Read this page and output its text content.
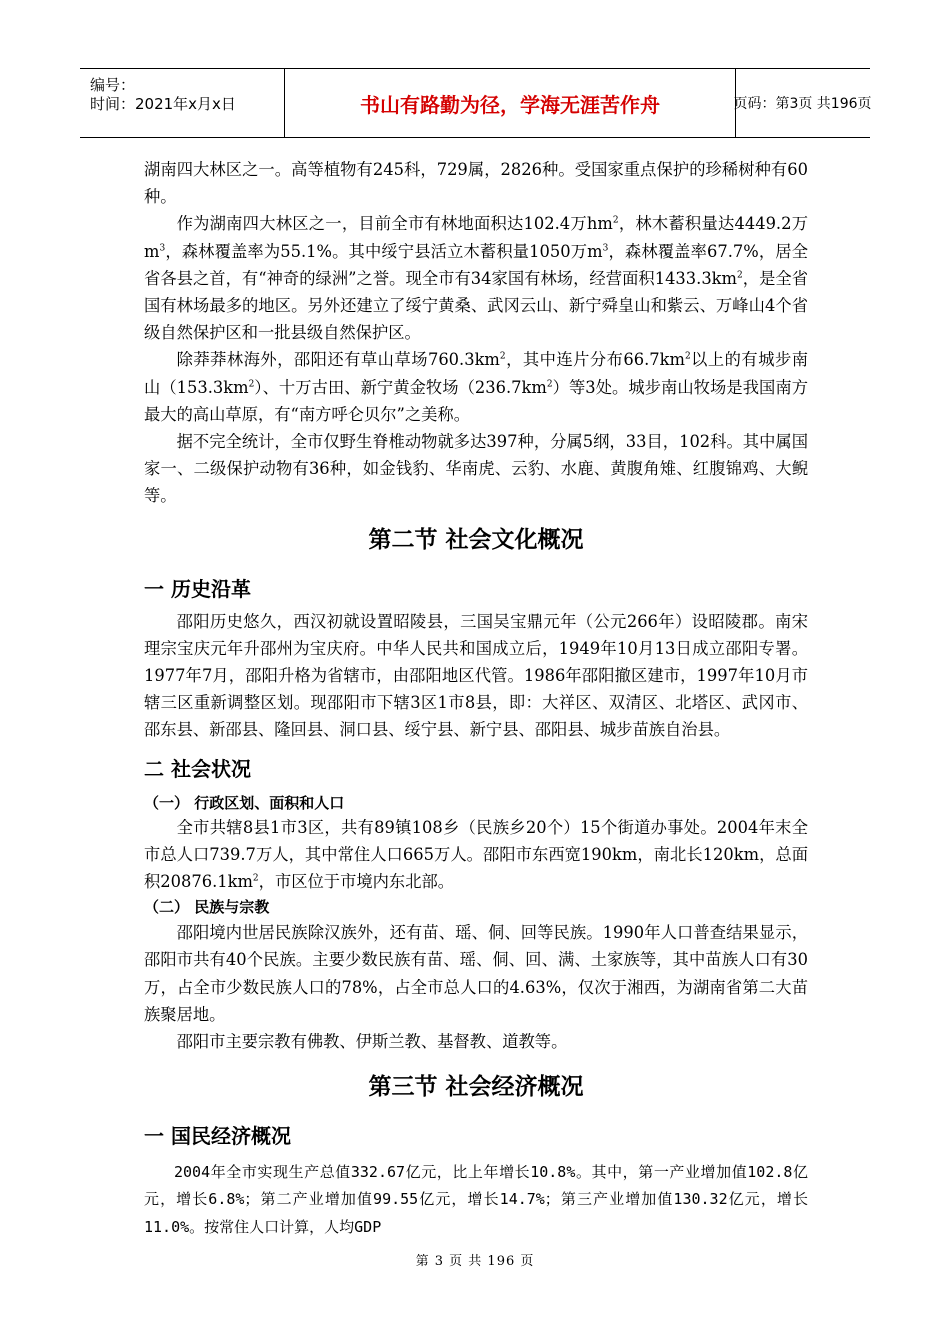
编号：
时间：2021年x月x日	书山有路勤为径，学海无涯苦作舟	页码：第3页 共196页

湖南四大林区之一。高等植物有245科，729属，2826种。受国家重点保护的珍稀树种有60种。

作为湖南四大林区之一，目前全市有林地面积达102.4万$hm^2$，林木蓄积量达4449.2万$m^3$，森林覆盖率为55.1%。其中绥宁县活立木蓄积量1050万$m^3$，森林覆盖率67.7%，居全省各县之首，有“神奇的绿洲”之誉。现全市有34家国有林场，经营面积$1433.3km^2$，是全省国有林场最多的地区。另外还建立了绥宁黄桑、武冈云山、新宁舜皇山和紫云、万峰山4个省级自然保护区和一批县级自然保护区。

除莽莽林海外，邵阳还有草山草场$760.3km^2$，其中连片分布$66.7km^2$以上的有城步南山$(153.3km^2)$、十万古田、新宁黄金牧场$(236.7km^2)$等3处。城步南山牧场是我国南方最大的高山草原，有“南方呼仑贝尔”之美称。

据不完全统计，全市仅野生脊椎动物就多达397种，分属5纲，33目，102科。其中属国家一、二级保护动物有36种，如金钱豹、华南虎、云豹、水鹿、黄腹角雉、红腹锦鸡、大鲵等。

第二节 社会文化概况

一 历史沿革

邵阳历史悠久，西汉初就设置昭陵县，三国吴宝鼎元年（公元266年）设昭陵郡。南宋理宗宝庆元年升邵州为宝庆府。中华人民共和国成立后，1949年10月13日成立邵阳专署。1977年7月，邵阳升格为省辖市，由邵阳地区代管。1986年邵阳撤区建市，1997年10月市辖三区重新调整区划。现邵阳市下辖3区1市8县，即：大祥区、双清区、北塔区、武冈市、邵东县、新邵县、隆回县、洞口县、绥宁县、新宁县、邵阳县、城步苗族自治县。

二 社会状况

（一） 行政区划、面积和人口

全市共辖8县1市3区，共有89镇108乡（民族乡20个）15个街道办事处。2004年末全市总人口739.7万人，其中常住人口665万人。邵阳市东西宽190km，南北长120km，总面积$20876.1km^2$，市区位于市境内东北部。

（二） 民族与宗教

邵阳境内世居民族除汉族外，还有苗、瑶、侗、回等民族。1990年人口普查结果显示，邵阳市共有40个民族。主要少数民族有苗、瑶、侗、回、满、土家族等，其中苗族人口有30万，占全市少数民族人口的78%，占全市总人口的4.63%，仅次于湘西，为湖南省第二大苗族聚居地。

邵阳市主要宗教有佛教、伊斯兰教、基督教、道教等。

第三节 社会经济概况

一 国民经济概况

2004年全市实现生产总值332.67亿元，比上年增长10.8%。其中，第一产业增加值102.8亿元，增长6.8%；第二产业增加值99.55亿元，增长14.7%；第三产业增加值130.32亿元，增长11.0%。按常住人口计算，人均GDP

第 3 页 共 196 页
